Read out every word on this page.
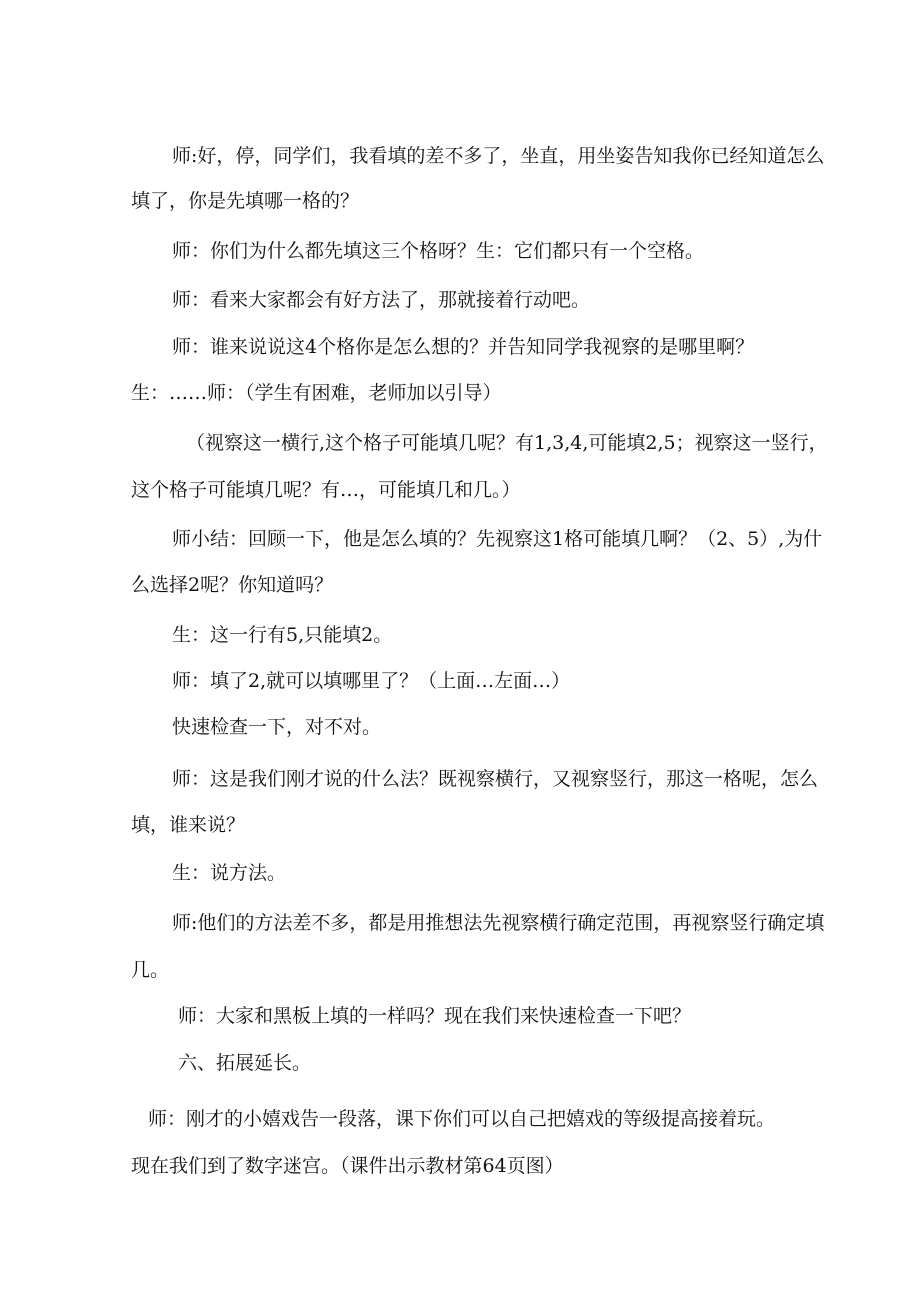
师:好，停，同学们，我看填的差不多了，坐直，用坐姿告知我你已经知道怎么

填了，你是先填哪一格的？

师：你们为什么都先填这三个格呀？生：它们都只有一个空格。

师：看来大家都会有好方法了，那就接着行动吧。

师：谁来说说这4个格你是怎么想的？并告知同学我视察的是哪里啊？

生：……师：（学生有困难，老师加以引导）

（视察这一横行,这个格子可能填几呢？有1,3,4,可能填2,5；视察这一竖行，

这个格子可能填几呢？有…，可能填几和几。）

师小结：回顾一下，他是怎么填的？先视察这1格可能填几啊？（2、5）,为什

么选择2呢？你知道吗？

生：这一行有5,只能填2。

师：填了2,就可以填哪里了？（上面…左面…）

快速检查一下，对不对。

师：这是我们刚才说的什么法？既视察横行，又视察竖行，那这一格呢，怎么

填，谁来说？

生：说方法。

师:他们的方法差不多，都是用推想法先视察横行确定范围，再视察竖行确定填

几。

师：大家和黑板上填的一样吗？现在我们来快速检查一下吧？

六、拓展延长。

师：刚才的小嬉戏告一段落，课下你们可以自己把嬉戏的等级提高接着玩。

现在我们到了数字迷宫。（课件出示教材第64页图）
